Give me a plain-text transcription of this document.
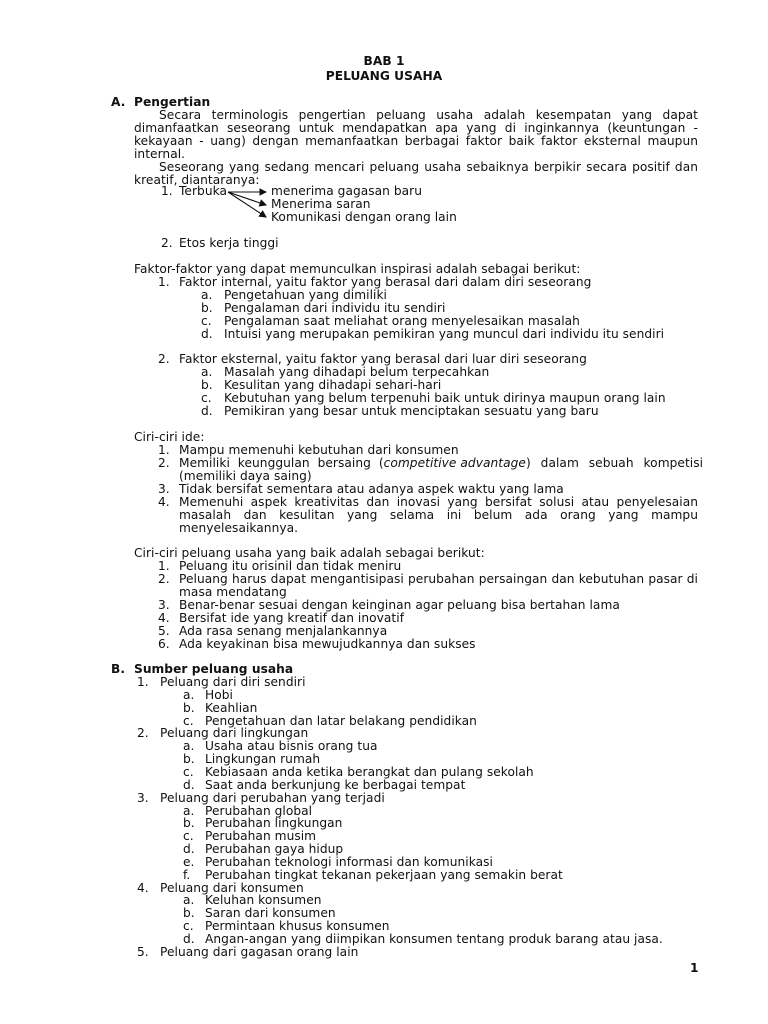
BAB 1
PELUANG USAHA
A. Pengertian
Secara terminologis pengertian peluang usaha adalah kesempatan yang dapat
dimanfaatkan seseorang untuk mendapatkan apa yang di inginkannya (keuntungan -
kekayaan - uang) dengan memanfaatkan berbagai faktor baik faktor eksternal maupun
internal.
Seseorang yang sedang mencari peluang usaha sebaiknya berpikir secara positif dan
kreatif, diantaranya:
1. Terbuka	menerima gagasan baru
Menerima saran
Komunikasi dengan orang lain
2. Etos kerja tinggi
Faktor-faktor yang dapat memunculkan inspirasi adalah sebagai berikut:
1. Faktor internal, yaitu faktor yang berasal dari dalam diri seseorang
a. Pengetahuan yang dimiliki
b. Pengalaman dari individu itu sendiri
c. Pengalaman saat meliahat orang menyelesaikan masalah
d. Intuisi yang merupakan pemikiran yang muncul dari individu itu sendiri
2. Faktor eksternal, yaitu faktor yang berasal dari luar diri seseorang
a. Masalah yang dihadapi belum terpecahkan
b. Kesulitan yang dihadapi sehari-hari
c. Kebutuhan yang belum terpenuhi baik untuk dirinya maupun orang lain
d. Pemikiran yang besar untuk menciptakan sesuatu yang baru
Ciri-ciri ide:
1. Mampu memenuhi kebutuhan dari konsumen
2. Memiliki keunggulan bersaing ( competitive advantage ) dalam sebuah kompetisi
(memiliki daya saing)
3. Tidak bersifat sementara atau adanya aspek waktu yang lama
4. Memenuhi aspek kreativitas dan inovasi yang bersifat solusi atau penyelesaian
masalah dan kesulitan yang selama ini belum ada orang yang mampu
menyelesaikannya.
Ciri-ciri peluang usaha yang baik adalah sebagai berikut:
1. Peluang itu orisinil dan tidak meniru
2. Peluang harus dapat mengantisipasi perubahan persaingan dan kebutuhan pasar di
masa mendatang
3. Benar-benar sesuai dengan keinginan agar peluang bisa bertahan lama
4. Bersifat ide yang kreatif dan inovatif
5. Ada rasa senang menjalankannya
6. Ada keyakinan bisa mewujudkannya dan sukses
B. Sumber peluang usaha
1. Peluang dari diri sendiri
a. Hobi
b. Keahlian
c. Pengetahuan dan latar belakang pendidikan
2. Peluang dari lingkungan
a. Usaha atau bisnis orang tua
b. Lingkungan rumah
c. Kebiasaan anda ketika berangkat dan pulang sekolah
d. Saat anda berkunjung ke berbagai tempat
3. Peluang dari perubahan yang terjadi
a. Perubahan global
b. Perubahan lingkungan
c. Perubahan musim
d. Perubahan gaya hidup
e. Perubahan teknologi informasi dan komunikasi
f. Perubahan tingkat tekanan pekerjaan yang semakin berat
4. Peluang dari konsumen
a. Keluhan konsumen
b. Saran dari konsumen
c. Permintaan khusus konsumen
d. Angan-angan yang diimpikan konsumen tentang produk barang atau jasa.
5. Peluang dari gagasan orang lain
1
